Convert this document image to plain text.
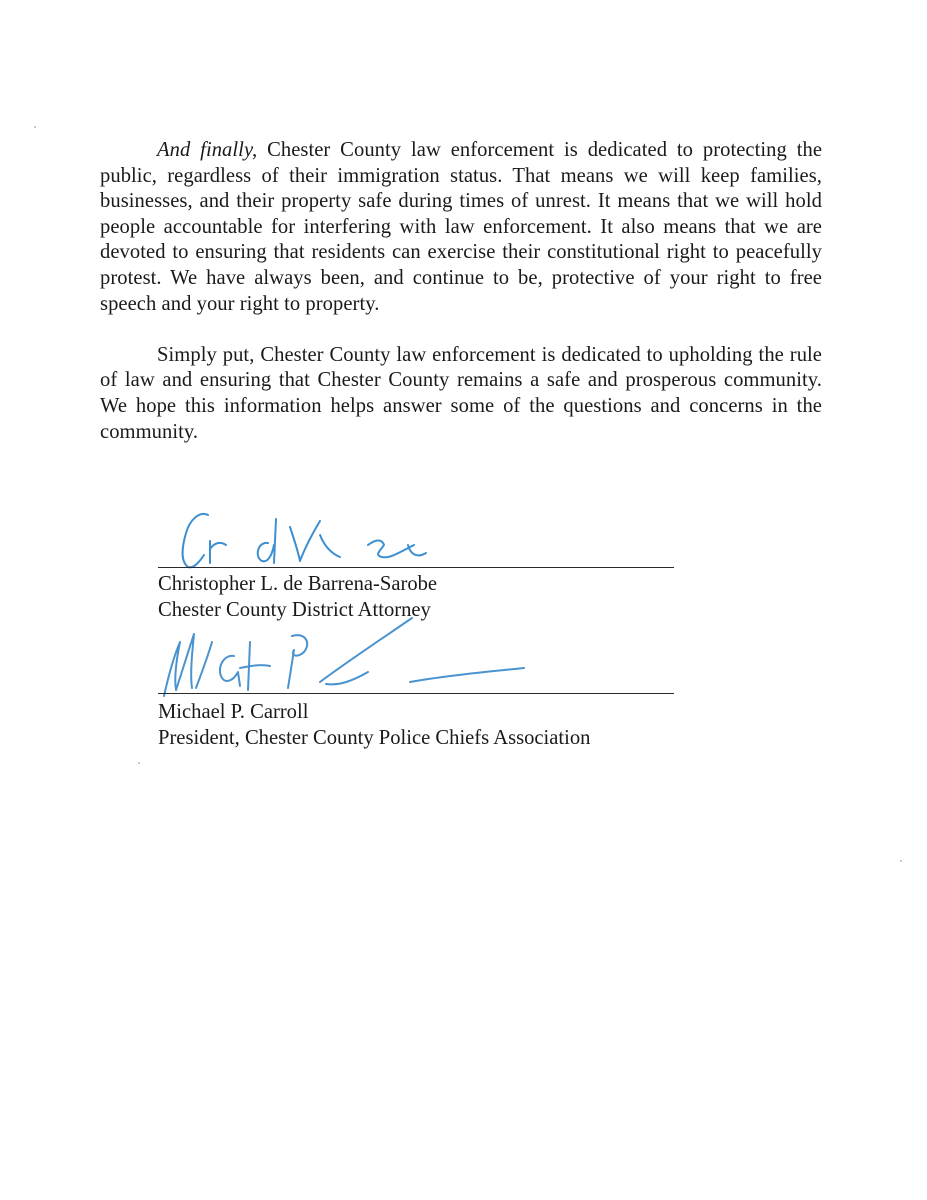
And finally, Chester County law enforcement is dedicated to protecting the public, regardless of their immigration status. That means we will keep families, businesses, and their property safe during times of unrest. It means that we will hold people accountable for interfering with law enforcement. It also means that we are devoted to ensuring that residents can exercise their constitutional right to peacefully protest. We have always been, and continue to be, protective of your right to free speech and your right to property.

Simply put, Chester County law enforcement is dedicated to upholding the rule of law and ensuring that Chester County remains a safe and prosperous community. We hope this information helps answer some of the questions and concerns in the community.

Christopher L. de Barrena-Sarobe
Chester County District Attorney
Michael P. Carroll
President, Chester County Police Chiefs Association
